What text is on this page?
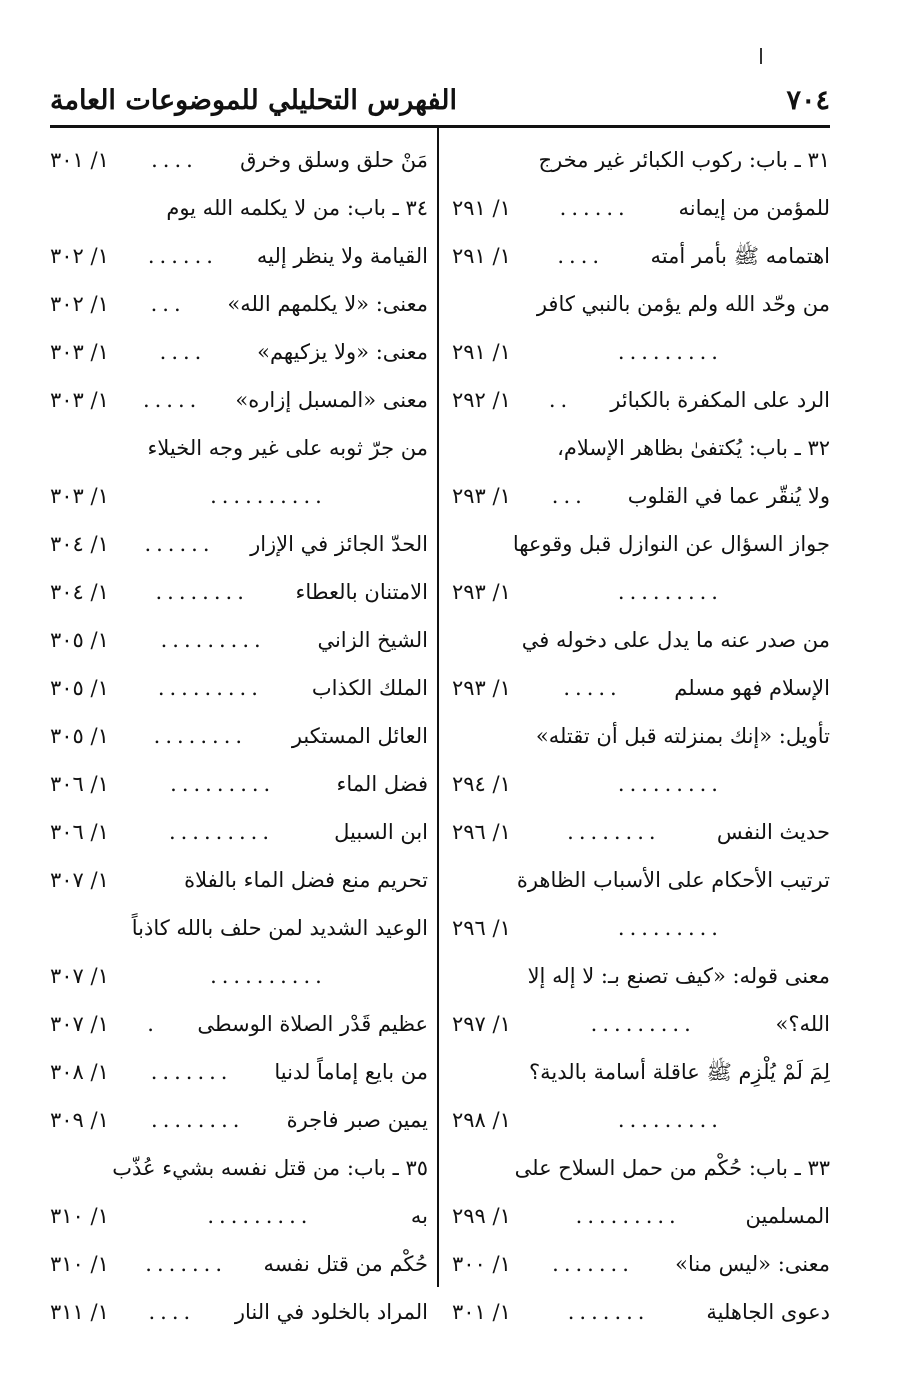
٧٠٤
الفهرس التحليلي للموضوعات العامة
٣١ ـ باب: ركوب الكبائر غير مخرج
للمؤمن من إيمانه
......
١/ ٢٩١
اهتمامه ﷺ بأمر أمته
....
١/ ٢٩١
من وحّد الله ولم يؤمن بالنبي كافر
.........
١/ ٢٩١
الرد على المكفرة بالكبائر
..
١/ ٢٩٢
٣٢ ـ باب: يُكتفىٰ بظاهر الإسلام،
ولا يُنقّر عما في القلوب
...
١/ ٢٩٣
جواز السؤال عن النوازل قبل وقوعها
.........
١/ ٢٩٣
من صدر عنه ما يدل على دخوله في
الإسلام فهو مسلم
.....
١/ ٢٩٣
تأويل: «إنك بمنزلته قبل أن تقتله»
.........
١/ ٢٩٤
حديث النفس
........
١/ ٢٩٦
ترتيب الأحكام على الأسباب الظاهرة
.........
١/ ٢٩٦
معنى قوله: «كيف تصنع بـ: لا إله إلا
الله؟»
.........
١/ ٢٩٧
لِمَ لَمْ يُلْزِم ﷺ عاقلة أسامة بالدية؟
.........
١/ ٢٩٨
٣٣ ـ باب: حُكْم من حمل السلاح على
المسلمين
.........
١/ ٢٩٩
معنى: «ليس منا»
.......
١/ ٣٠٠
دعوى الجاهلية
.......
١/ ٣٠١
مَنْ حلق وسلق وخرق
....
١/ ٣٠١
٣٤ ـ باب: من لا يكلمه الله يوم
القيامة ولا ينظر إليه
......
١/ ٣٠٢
معنى: «لا يكلمهم الله»
...
١/ ٣٠٢
معنى: «ولا يزكيهم»
....
١/ ٣٠٣
معنى «المسبل إزاره»
.....
١/ ٣٠٣
من جرّ ثوبه على غير وجه الخيلاء
..........
١/ ٣٠٣
الحدّ الجائز في الإزار
......
١/ ٣٠٤
الامتنان بالعطاء
........
١/ ٣٠٤
الشيخ الزاني
.........
١/ ٣٠٥
الملك الكذاب
.........
١/ ٣٠٥
العائل المستكبر
........
١/ ٣٠٥
فضل الماء
.........
١/ ٣٠٦
ابن السبيل
.........
١/ ٣٠٦
تحريم منع فضل الماء بالفلاة
١/ ٣٠٧
الوعيد الشديد لمن حلف بالله كاذباً
..........
١/ ٣٠٧
عظيم قَدْر الصلاة الوسطى
.
١/ ٣٠٧
من بايع إماماً لدنيا
.......
١/ ٣٠٨
يمين صبر فاجرة
........
١/ ٣٠٩
٣٥ ـ باب: من قتل نفسه بشيء عُذّب
به
.........
١/ ٣١٠
حُكْم من قتل نفسه
.......
١/ ٣١٠
المراد بالخلود في النار
....
١/ ٣١١
